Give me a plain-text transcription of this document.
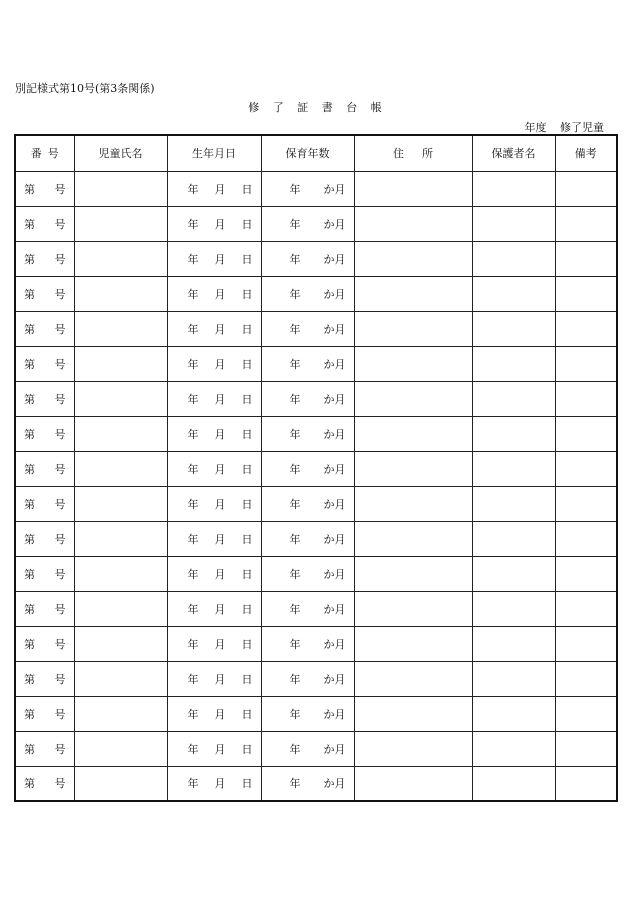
別記様式第10号(第3条関係)
修 了 証 書 台 帳
年度 修了児童
番 号	児童氏名	生年月日	保育年数	住 所	保護者名	備考

第 号		年 月 日	年 か月			

第 号		年 月 日	年 か月			

第 号		年 月 日	年 か月			

第 号		年 月 日	年 か月			

第 号		年 月 日	年 か月			

第 号		年 月 日	年 か月			

第 号		年 月 日	年 か月			

第 号		年 月 日	年 か月			

第 号		年 月 日	年 か月			

第 号		年 月 日	年 か月			

第 号		年 月 日	年 か月			

第 号		年 月 日	年 か月			

第 号		年 月 日	年 か月			

第 号		年 月 日	年 か月			

第 号		年 月 日	年 か月			

第 号		年 月 日	年 か月			

第 号		年 月 日	年 か月			

第 号		年 月 日	年 か月			
